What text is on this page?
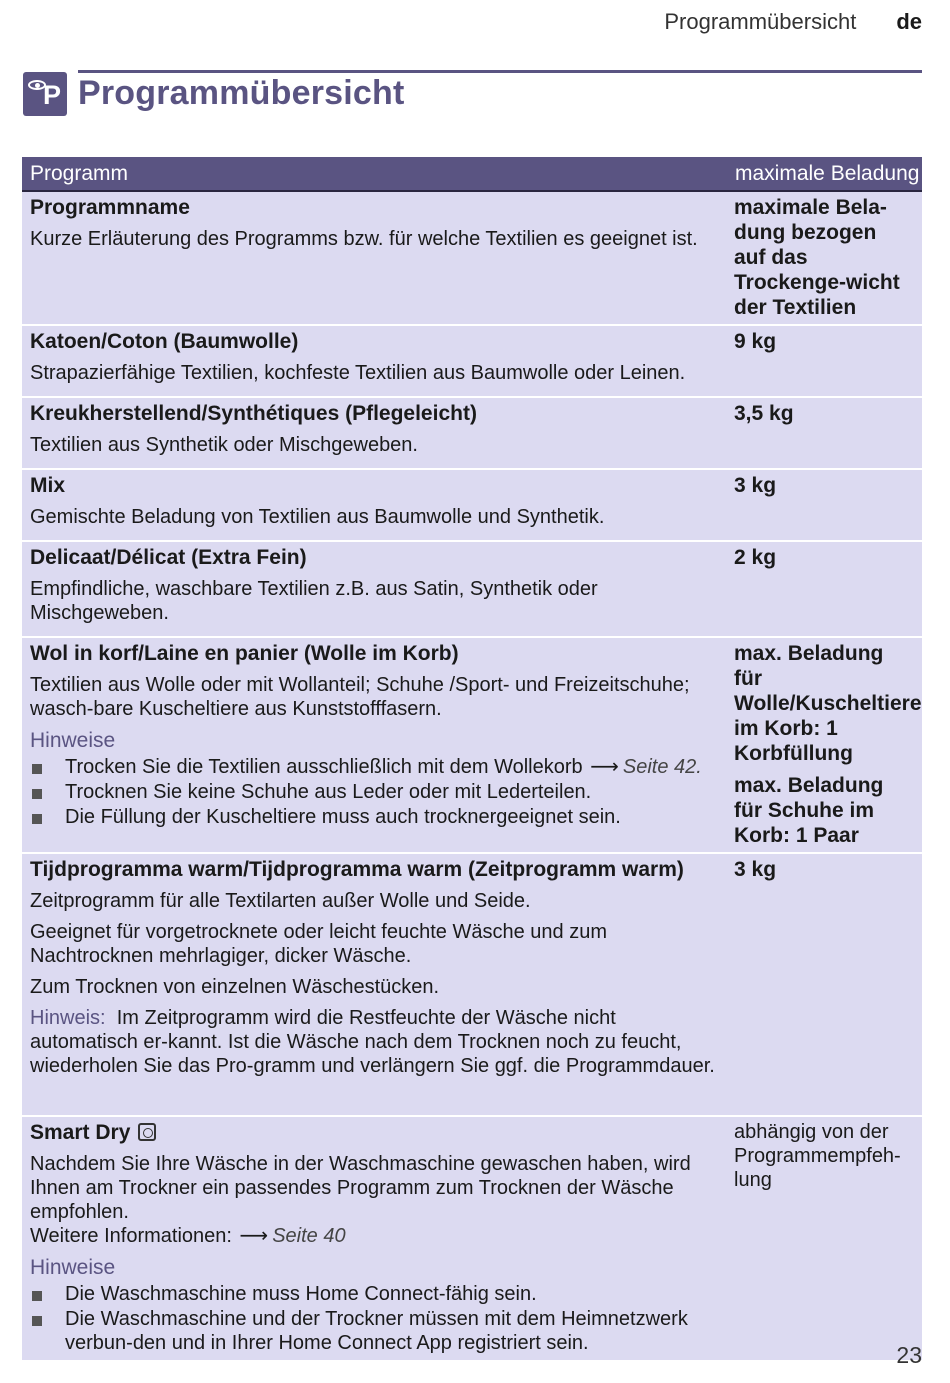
Programmübersicht de
P Programmübersicht
Programm	maximale Beladung
Programmname
Kurze Erläuterung des Programms bzw. für welche Textilien es geeignet ist.
maximale Bela-dung bezogen auf das Trockenge-wicht der Textilien
Katoen/Coton (Baumwolle)
Strapazierfähige Textilien, kochfeste Textilien aus Baumwolle oder Leinen.
9 kg
Kreukherstellend/Synthétiques (Pflegeleicht)
Textilien aus Synthetik oder Mischgeweben.
3,5 kg
Mix
Gemischte Beladung von Textilien aus Baumwolle und Synthetik.
3 kg
Delicaat/Délicat (Extra Fein)
Empfindliche, waschbare Textilien z.B. aus Satin, Synthetik oder Mischgeweben.
2 kg
Wol in korf/Laine en panier (Wolle im Korb)
Textilien aus Wolle oder mit Wollanteil; Schuhe /Sport- und Freizeitschuhe; wasch-bare Kuscheltiere aus Kunststofffasern.
Hinweise
Trocken Sie die Textilien ausschließlich mit dem Wollekorb ⟶ Seite 42.
Trocknen Sie keine Schuhe aus Leder oder mit Lederteilen.
Die Füllung der Kuscheltiere muss auch trocknergeeignet sein.
max. Beladung für Wolle/Kuscheltiere im Korb: 1 Korbfüllung
max. Beladung für Schuhe im Korb: 1 Paar
Tijdprogramma warm/Tijdprogramma warm (Zeitprogramm warm)
Zeitprogramm für alle Textilarten außer Wolle und Seide.
Geeignet für vorgetrocknete oder leicht feuchte Wäsche und zum Nachtrocknen mehrlagiger, dicker Wäsche.
Zum Trocknen von einzelnen Wäschestücken.
Hinweis: Im Zeitprogramm wird die Restfeuchte der Wäsche nicht automatisch er-kannt. Ist die Wäsche nach dem Trocknen noch zu feucht, wiederholen Sie das Pro-gramm und verlängern Sie ggf. die Programmdauer.
3 kg
Smart Dry
Nachdem Sie Ihre Wäsche in der Waschmaschine gewaschen haben, wird Ihnen am Trockner ein passendes Programm zum Trocknen der Wäsche empfohlen.
Weitere Informationen: ⟶ Seite 40
Hinweise
Die Waschmaschine muss Home Connect-fähig sein.
Die Waschmaschine und der Trockner müssen mit dem Heimnetzwerk verbun-den und in Ihrer Home Connect App registriert sein.
abhängig von der Programmempfeh-lung
23
